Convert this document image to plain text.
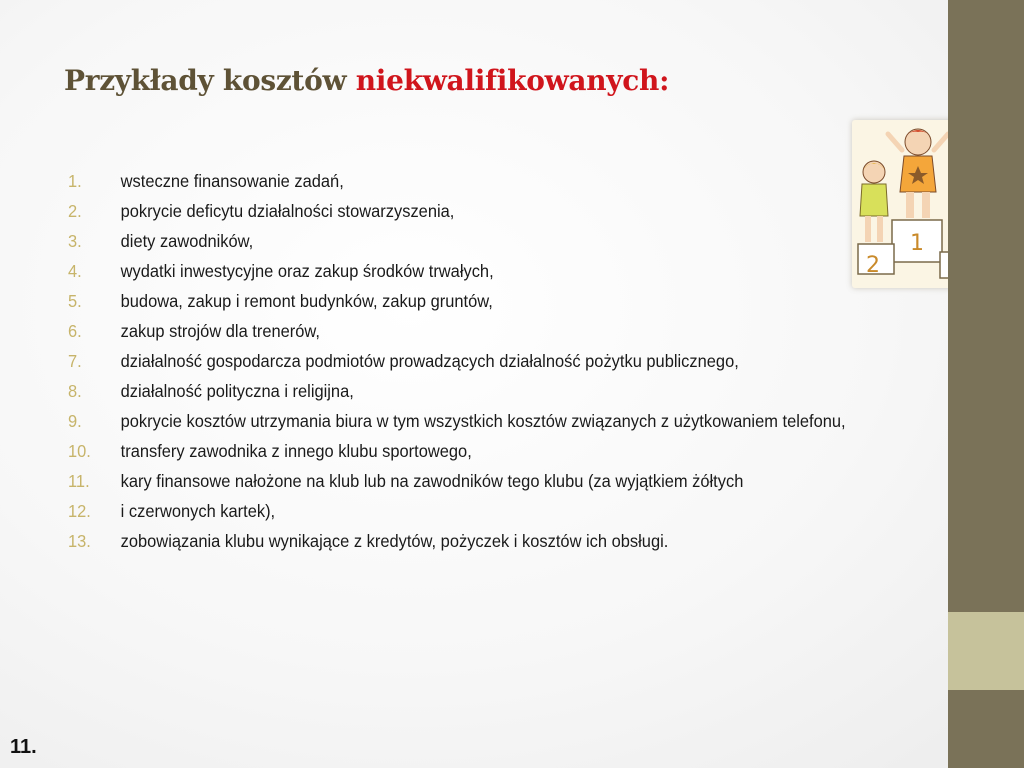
Przykłady kosztów niekwalifikowanych:
1. wsteczne finansowanie zadań,
2. pokrycie deficytu działalności stowarzyszenia,
3. diety zawodników,
4. wydatki inwestycyjne oraz zakup środków trwałych,
5. budowa, zakup i remont budynków, zakup gruntów,
6. zakup strojów dla trenerów,
7. działalność gospodarcza podmiotów prowadzących działalność pożytku publicznego,
8. działalność polityczna i religijna,
9. pokrycie kosztów utrzymania biura w tym wszystkich kosztów związanych z użytkowaniem telefonu,
10. transfery zawodnika z innego klubu sportowego,
11. kary finansowe nałożone na klub lub na zawodników tego klubu (za wyjątkiem żółtych
12. i czerwonych kartek),
13. zobowiązania klubu wynikające z kredytów, pożyczek i kosztów ich obsługi.
1
2
11.
